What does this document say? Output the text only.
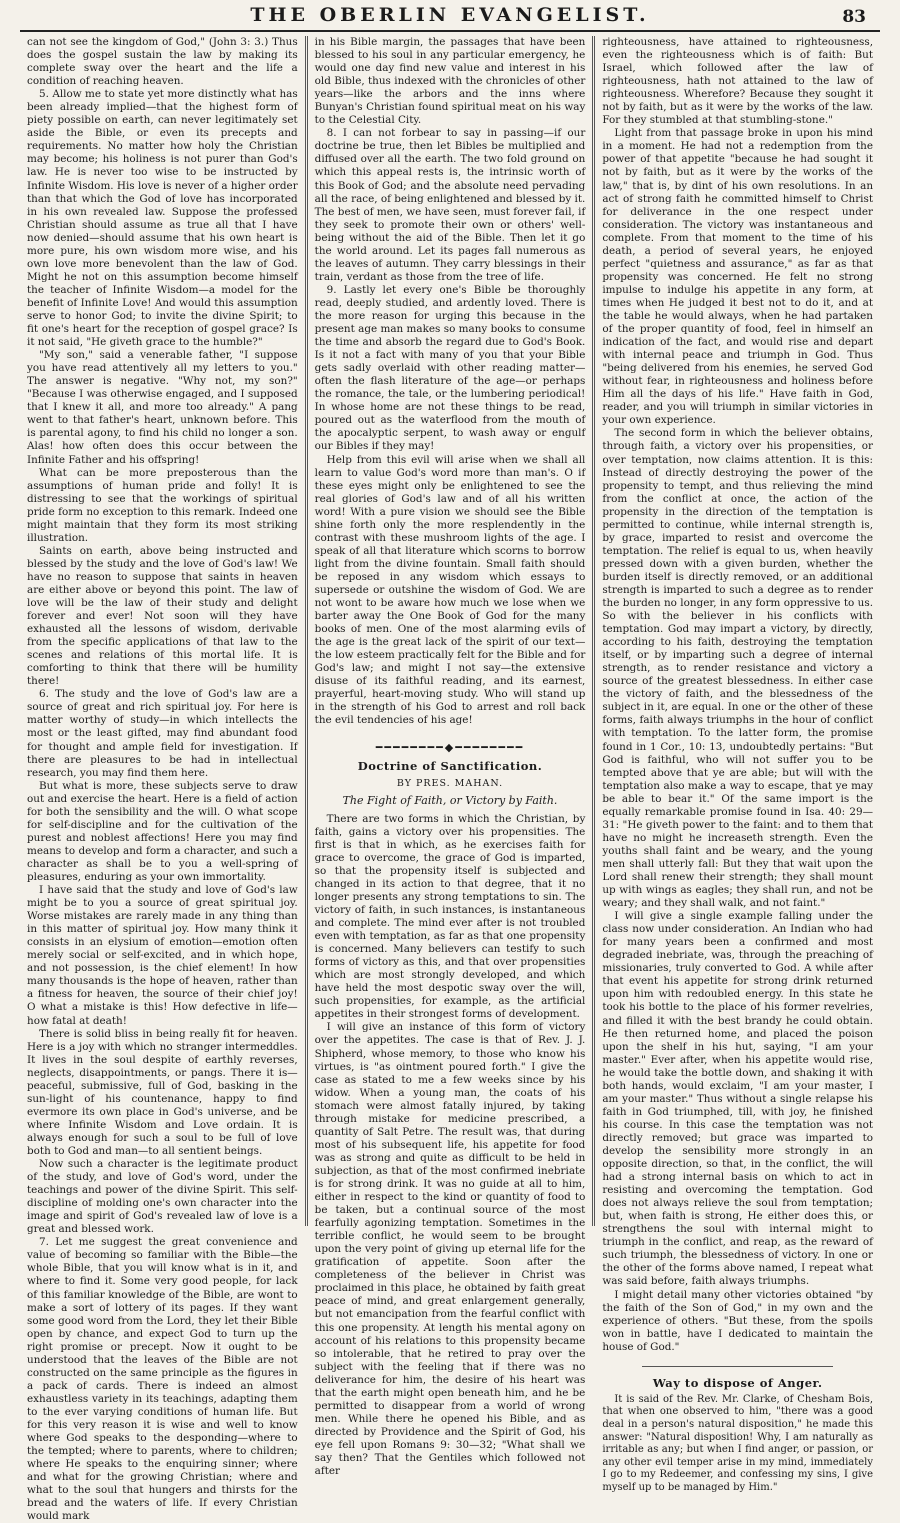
THE OBERLIN EVANGELIST.	83

can not see the kingdom of God," (John 3: 3.) Thus does the gospel sustain the law by making its complete sway over the heart and the life a condition of reaching heaven.

5. Allow me to state yet more distinctly what has been already implied—that the highest form of piety possible on earth, can never legitimately set aside the Bible, or even its precepts and requirements. No matter how holy the Christian may become; his holiness is not purer than God's law. He is never too wise to be instructed by Infinite Wisdom. His love is never of a higher order than that which the God of love has incorporated in his own revealed law. Suppose the professed Christian should assume as true all that I have now denied—should assume that his own heart is more pure, his own wisdom more wise, and his own love more benevolent than the law of God. Might he not on this assumption become himself the teacher of Infinite Wisdom—a model for the benefit of Infinite Love! And would this assumption serve to honor God; to invite the divine Spirit; to fit one's heart for the reception of gospel grace? Is it not said, "He giveth grace to the humble?"

"My son," said a venerable father, "I suppose you have read attentively all my letters to you." The answer is negative. "Why not, my son?" "Because I was otherwise engaged, and I supposed that I knew it all, and more too already." A pang went to that father's heart, unknown before. This is parental agony, to find his child no longer a son. Alas! how often does this occur between the Infinite Father and his offspring!

What can be more preposterous than the assumptions of human pride and folly! It is distressing to see that the workings of spiritual pride form no exception to this remark. Indeed one might maintain that they form its most striking illustration.

Saints on earth, above being instructed and blessed by the study and the love of God's law! We have no reason to suppose that saints in heaven are either above or beyond this point. The law of love will be the law of their study and delight forever and ever! Not soon will they have exhausted all the lessons of wisdom, derivable from the specific applications of that law to the scenes and relations of this mortal life. It is comforting to think that there will be humility there!

6. The study and the love of God's law are a source of great and rich spiritual joy. For here is matter worthy of study—in which intellects the most or the least gifted, may find abundant food for thought and ample field for investigation. If there are pleasures to be had in intellectual research, you may find them here.

But what is more, these subjects serve to draw out and exercise the heart. Here is a field of action for both the sensibility and the will. O what scope for self-discipline and for the cultivation of the purest and noblest affections! Here you may find means to develop and form a character, and such a character as shall be to you a well-spring of pleasures, enduring as your own immortality.

I have said that the study and love of God's law might be to you a source of great spiritual joy. Worse mistakes are rarely made in any thing than in this matter of spiritual joy. How many think it consists in an elysium of emotion—emotion often merely social or self-excited, and in which hope, and not possession, is the chief element! In how many thousands is the hope of heaven, rather than a fitness for heaven, the source of their chief joy! O what a mistake is this! How defective in life—how fatal at death!

There is solid bliss in being really fit for heaven. Here is a joy with which no stranger intermeddles. It lives in the soul despite of earthly reverses, neglects, disappointments, or pangs. There it is—peaceful, submissive, full of God, basking in the sun-light of his countenance, happy to find evermore its own place in God's universe, and be where Infinite Wisdom and Love ordain. It is always enough for such a soul to be full of love both to God and man—to all sentient beings.

Now such a character is the legitimate product of the study, and love of God's word, under the teachings and power of the divine Spirit. This self-discipline of molding one's own character into the image and spirit of God's revealed law of love is a great and blessed work.

7. Let me suggest the great convenience and value of becoming so familiar with the Bible—the whole Bible, that you will know what is in it, and where to find it. Some very good people, for lack of this familiar knowledge of the Bible, are wont to make a sort of lottery of its pages. If they want some good word from the Lord, they let their Bible open by chance, and expect God to turn up the right promise or precept. Now it ought to be understood that the leaves of the Bible are not constructed on the same principle as the figures in a pack of cards. There is indeed an almost exhaustless variety in its teachings, adapting them to the ever varying conditions of human life. But for this very reason it is wise and well to know where God speaks to the desponding—where to the tempted; where to parents, where to children; where He speaks to the enquiring sinner; where and what for the growing Christian; where and what to the soul that hungers and thirsts for the bread and the waters of life. If every Christian would mark

in his Bible margin, the passages that have been blessed to his soul in any particular emergency, he would one day find new value and interest in his old Bible, thus indexed with the chronicles of other years—like the arbors and the inns where Bunyan's Christian found spiritual meat on his way to the Celestial City.

8. I can not forbear to say in passing—if our doctrine be true, then let Bibles be multiplied and diffused over all the earth. The two fold ground on which this appeal rests is, the intrinsic worth of this Book of God; and the absolute need pervading all the race, of being enlightened and blessed by it. The best of men, we have seen, must forever fail, if they seek to promote their own or others' well-being without the aid of the Bible. Then let it go the world around. Let its pages fall numerous as the leaves of autumn. They carry blessings in their train, verdant as those from the tree of life.

9. Lastly let every one's Bible be thoroughly read, deeply studied, and ardently loved. There is the more reason for urging this because in the present age man makes so many books to consume the time and absorb the regard due to God's Book. Is it not a fact with many of you that your Bible gets sadly overlaid with other reading matter—often the flash literature of the age—or perhaps the romance, the tale, or the lumbering periodical! In whose home are not these things to be read, poured out as the waterflood from the mouth of the apocalyptic serpent, to wash away or engulf our Bibles if they may!

Help from this evil will arise when we shall all learn to value God's word more than man's. O if these eyes might only be enlightened to see the real glories of God's law and of all his written word! With a pure vision we should see the Bible shine forth only the more resplendently in the contrast with these mushroom lights of the age. I speak of all that literature which scorns to borrow light from the divine fountain. Small faith should be reposed in any wisdom which essays to supersede or outshine the wisdom of God. We are not wont to be aware how much we lose when we barter away the One Book of God for the many books of men. One of the most alarming evils of the age is the great lack of the spirit of our text—the low esteem practically felt for the Bible and for God's law; and might I not say—the extensive disuse of its faithful reading, and its earnest, prayerful, heart-moving study. Who will stand up in the strength of his God to arrest and roll back the evil tendencies of his age!

━━━━━━━━◆━━━━━━━━
Doctrine of Sanctification.
BY PRES. MAHAN.
The Fight of Faith, or Victory by Faith.

There are two forms in which the Christian, by faith, gains a victory over his propensities. The first is that in which, as he exercises faith for grace to overcome, the grace of God is imparted, so that the propensity itself is subjected and changed in its action to that degree, that it no longer presents any strong temptations to sin. The victory of faith, in such instances, is instantaneous and complete. The mind ever after is not troubled even with temptation, as far as that one propensity is concerned. Many believers can testify to such forms of victory as this, and that over propensities which are most strongly developed, and which have held the most despotic sway over the will, such propensities, for example, as the artificial appetites in their strongest forms of development.

I will give an instance of this form of victory over the appetites. The case is that of Rev. J. J. Shipherd, whose memory, to those who know his virtues, is "as ointment poured forth." I give the case as stated to me a few weeks since by his widow. When a young man, the coats of his stomach were almost fatally injured, by taking through mistake for medicine prescribed, a quantity of Salt Petre. The result was, that during most of his subsequent life, his appetite for food was as strong and quite as difficult to be held in subjection, as that of the most confirmed inebriate is for strong drink. It was no guide at all to him, either in respect to the kind or quantity of food to be taken, but a continual source of the most fearfully agonizing temptation. Sometimes in the terrible conflict, he would seem to be brought upon the very point of giving up eternal life for the gratification of appetite. Soon after the completeness of the believer in Christ was proclaimed in this place, he obtained by faith great peace of mind, and great enlargement generally, but not emancipation from the fearful conflict with this one propensity. At length his mental agony on account of his relations to this propensity became so intolerable, that he retired to pray over the subject with the feeling that if there was no deliverance for him, the desire of his heart was that the earth might open beneath him, and he be permitted to disappear from a world of wrong men. While there he opened his Bible, and as directed by Providence and the Spirit of God, his eye fell upon Romans 9: 30—32; "What shall we say then? That the Gentiles which followed not after

righteousness, have attained to righteousness, even the righteousness which is of faith: But Israel, which followed after the law of righteousness, hath not attained to the law of righteousness. Wherefore? Because they sought it not by faith, but as it were by the works of the law. For they stumbled at that stumbling-stone."

Light from that passage broke in upon his mind in a moment. He had not a redemption from the power of that appetite "because he had sought it not by faith, but as it were by the works of the law," that is, by dint of his own resolutions. In an act of strong faith he committed himself to Christ for deliverance in the one respect under consideration. The victory was instantaneous and complete. From that moment to the time of his death, a period of several years, he enjoyed perfect "quietness and assurance," as far as that propensity was concerned. He felt no strong impulse to indulge his appetite in any form, at times when He judged it best not to do it, and at the table he would always, when he had partaken of the proper quantity of food, feel in himself an indication of the fact, and would rise and depart with internal peace and triumph in God. Thus "being delivered from his enemies, he served God without fear, in righteousness and holiness before Him all the days of his life." Have faith in God, reader, and you will triumph in similar victories in your own experience.

The second form in which the believer obtains, through faith, a victory over his propensities, or over temptation, now claims attention. It is this: Instead of directly destroying the power of the propensity to tempt, and thus relieving the mind from the conflict at once, the action of the propensity in the direction of the temptation is permitted to continue, while internal strength is, by grace, imparted to resist and overcome the temptation. The relief is equal to us, when heavily pressed down with a given burden, whether the burden itself is directly removed, or an additional strength is imparted to such a degree as to render the burden no longer, in any form oppressive to us. So with the believer in his conflicts with temptation. God may impart a victory, by directly, according to his faith, destroying the temptation itself, or by imparting such a degree of internal strength, as to render resistance and victory a source of the greatest blessedness. In either case the victory of faith, and the blessedness of the subject in it, are equal. In one or the other of these forms, faith always triumphs in the hour of conflict with temptation. To the latter form, the promise found in 1 Cor., 10: 13, undoubtedly pertains: "But God is faithful, who will not suffer you to be tempted above that ye are able; but will with the temptation also make a way to escape, that ye may be able to bear it." Of the same import is the equally remarkable promise found in Isa. 40: 29—31: "He giveth power to the faint: and to them that have no might he increaseth strength. Even the youths shall faint and be weary, and the young men shall utterly fall: But they that wait upon the Lord shall renew their strength; they shall mount up with wings as eagles; they shall run, and not be weary; and they shall walk, and not faint."

I will give a single example falling under the class now under consideration. An Indian who had for many years been a confirmed and most degraded inebriate, was, through the preaching of missionaries, truly converted to God. A while after that event his appetite for strong drink returned upon him with redoubled energy. In this state he took his bottle to the place of his former revelries, and filled it with the best brandy he could obtain. He then returned home, and placed the poison upon the shelf in his hut, saying, "I am your master." Ever after, when his appetite would rise, he would take the bottle down, and shaking it with both hands, would exclaim, "I am your master, I am your master." Thus without a single relapse his faith in God triumphed, till, with joy, he finished his course. In this case the temptation was not directly removed; but grace was imparted to develop the sensibility more strongly in an opposite direction, so that, in the conflict, the will had a strong internal basis on which to act in resisting and overcoming the temptation. God does not always relieve the soul from temptation; but, when faith is strong, He either does this, or strengthens the soul with internal might to triumph in the conflict, and reap, as the reward of such triumph, the blessedness of victory. In one or the other of the forms above named, I repeat what was said before, faith always triumphs.

I might detail many other victories obtained "by the faith of the Son of God," in my own and the experience of others. "But these, from the spoils won in battle, have I dedicated to maintain the house of God."

Way to dispose of Anger.

It is said of the Rev. Mr. Clarke, of Chesham Bois, that when one observed to him, "there was a good deal in a person's natural disposition," he made this answer: "Natural disposition! Why, I am naturally as irritable as any; but when I find anger, or passion, or any other evil temper arise in my mind, immediately I go to my Redeemer, and confessing my sins, I give myself up to be managed by Him."
